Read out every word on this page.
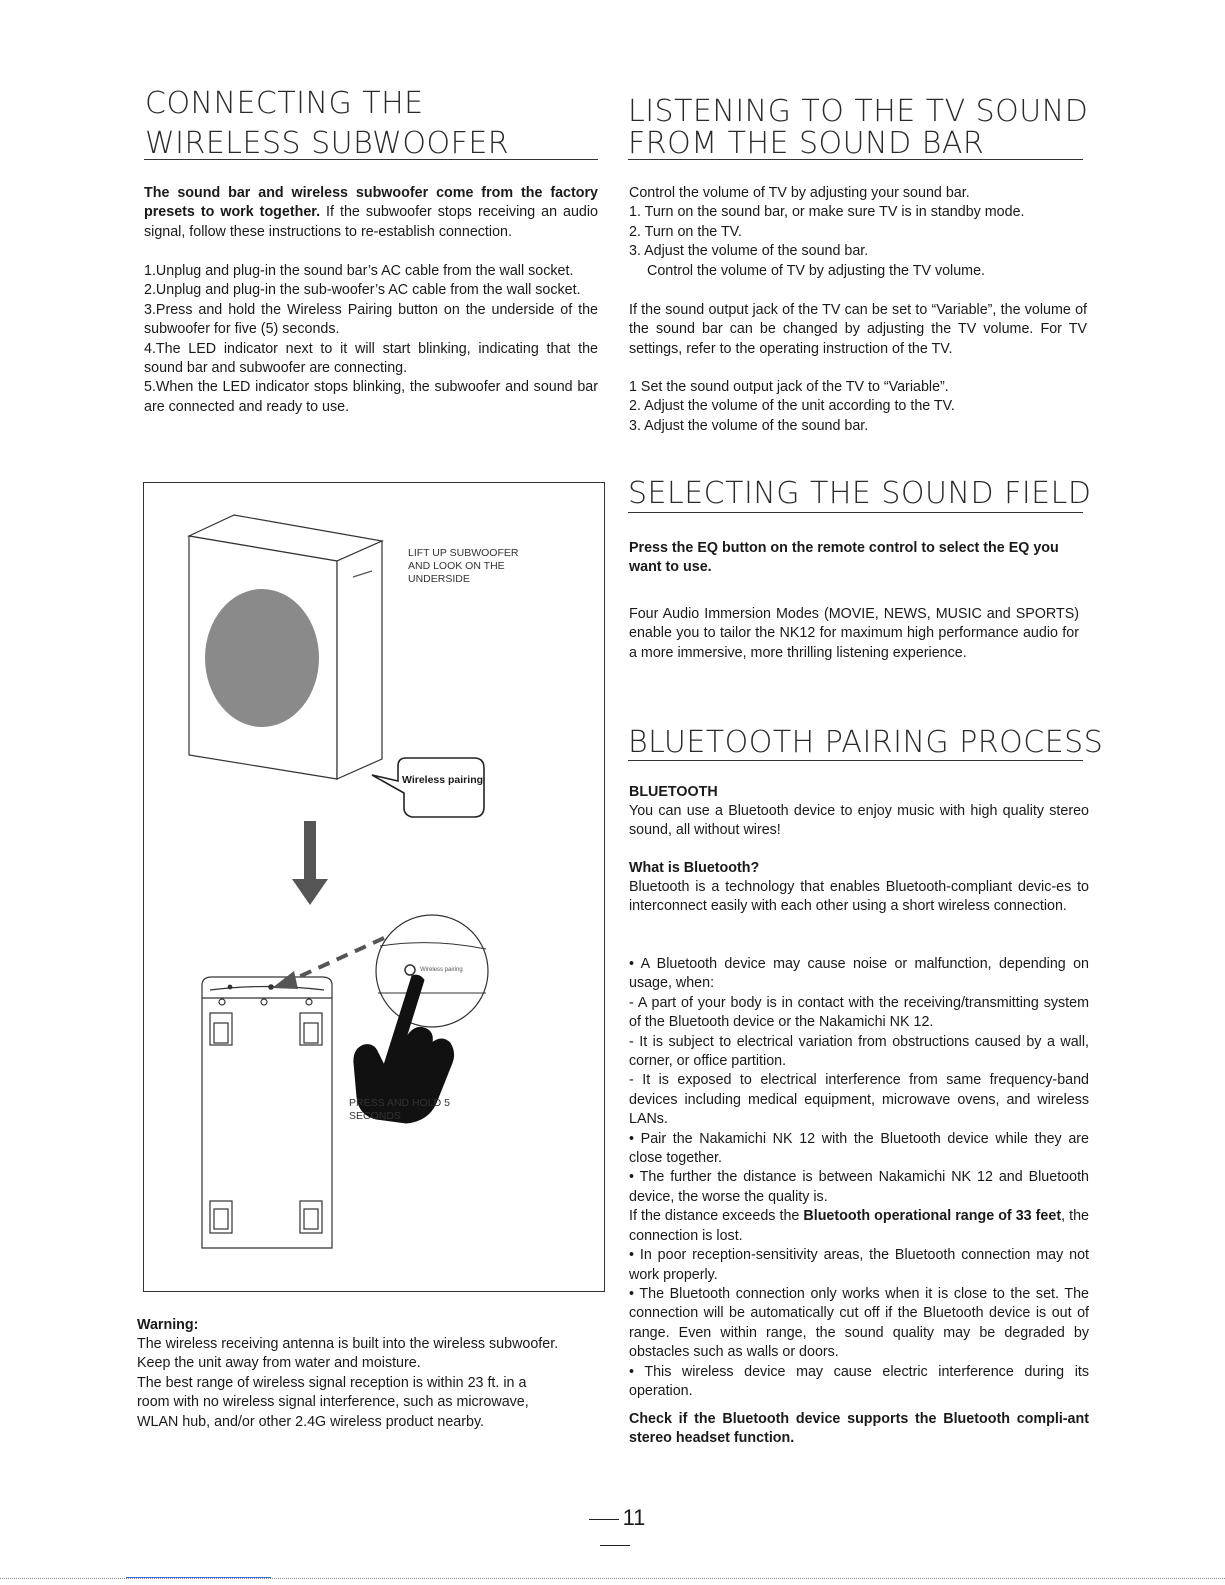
CONNECTING THE
WIRELESS SUBWOOFER
The sound bar and wireless subwoofer come from the factory presets to work together. If the subwoofer stops receiving an audio signal, follow these instructions to re-establish connection.
1.Unplug and plug-in the sound bar’s AC cable from the wall socket.
2.Unplug and plug-in the sub-woofer’s AC cable from the wall socket.
3.Press and hold the Wireless Pairing button on the underside of the subwoofer for five (5) seconds.
4.The LED indicator next to it will start blinking, indicating that the sound bar and subwoofer are connecting.
5.When the LED indicator stops blinking, the subwoofer and sound bar are connected and ready to use.
LIFT UP SUBWOOFER
AND LOOK ON THE
UNDERSIDE
Wireless pairing
Wireless pairing
PRESS AND HOLD 5
SECONDS
Warning:
The wireless receiving antenna is built into the wireless subwoofer.
Keep the unit away from water and moisture.
The best range of wireless signal reception is within 23 ft. in a
room with no wireless signal interference, such as microwave,
WLAN hub, and/or other 2.4G wireless product nearby.
LISTENING TO THE TV SOUND
FROM THE SOUND BAR
Control the volume of TV by adjusting your sound bar.
1. Turn on the sound bar, or make sure TV is in standby mode.
2. Turn on the TV.
3. Adjust the volume of the sound bar.
Control the volume of TV by adjusting the TV volume.
If the sound output jack of the TV can be set to “Variable”, the volume of the sound bar can be changed by adjusting the TV volume. For TV settings, refer to the operating instruction of the TV.
1 Set the sound output jack of the TV to “Variable”.
2. Adjust the volume of the unit according to the TV.
3. Adjust the volume of the sound bar.
SELECTING THE SOUND FIELD
Press the EQ button on the remote control to select the EQ you want to use.
Four Audio Immersion Modes (MOVIE, NEWS, MUSIC and SPORTS) enable you to tailor the NK12 for maximum high performance audio for a more immersive, more thrilling listening experience.
BLUETOOTH PAIRING PROCESS
BLUETOOTH
You can use a Bluetooth device to enjoy music with high quality stereo sound, all without wires!
What is Bluetooth?
Bluetooth is a technology that enables Bluetooth-compliant devic-es to interconnect easily with each other using a short wireless connection.
• A Bluetooth device may cause noise or malfunction, depending on usage, when:
- A part of your body is in contact with the receiving/transmitting system of the Bluetooth device or the Nakamichi NK 12.
- It is subject to electrical variation from obstructions caused by a wall, corner, or office partition.
- It is exposed to electrical interference from same frequency-band devices including medical equipment, microwave ovens, and wireless LANs.
• Pair the Nakamichi NK 12 with the Bluetooth device while they are close together.
• The further the distance is between Nakamichi NK 12 and Bluetooth device, the worse the quality is.
If the distance exceeds the Bluetooth operational range of 33 feet, the connection is lost.
• In poor reception-sensitivity areas, the Bluetooth connection may not work properly.
• The Bluetooth connection only works when it is close to the set. The connection will be automatically cut off if the Bluetooth device is out of range. Even within range, the sound quality may be degraded by obstacles such as walls or doors.
• This wireless device may cause electric interference during its operation.
Check if the Bluetooth device supports the Bluetooth compli-ant stereo headset function.
11
